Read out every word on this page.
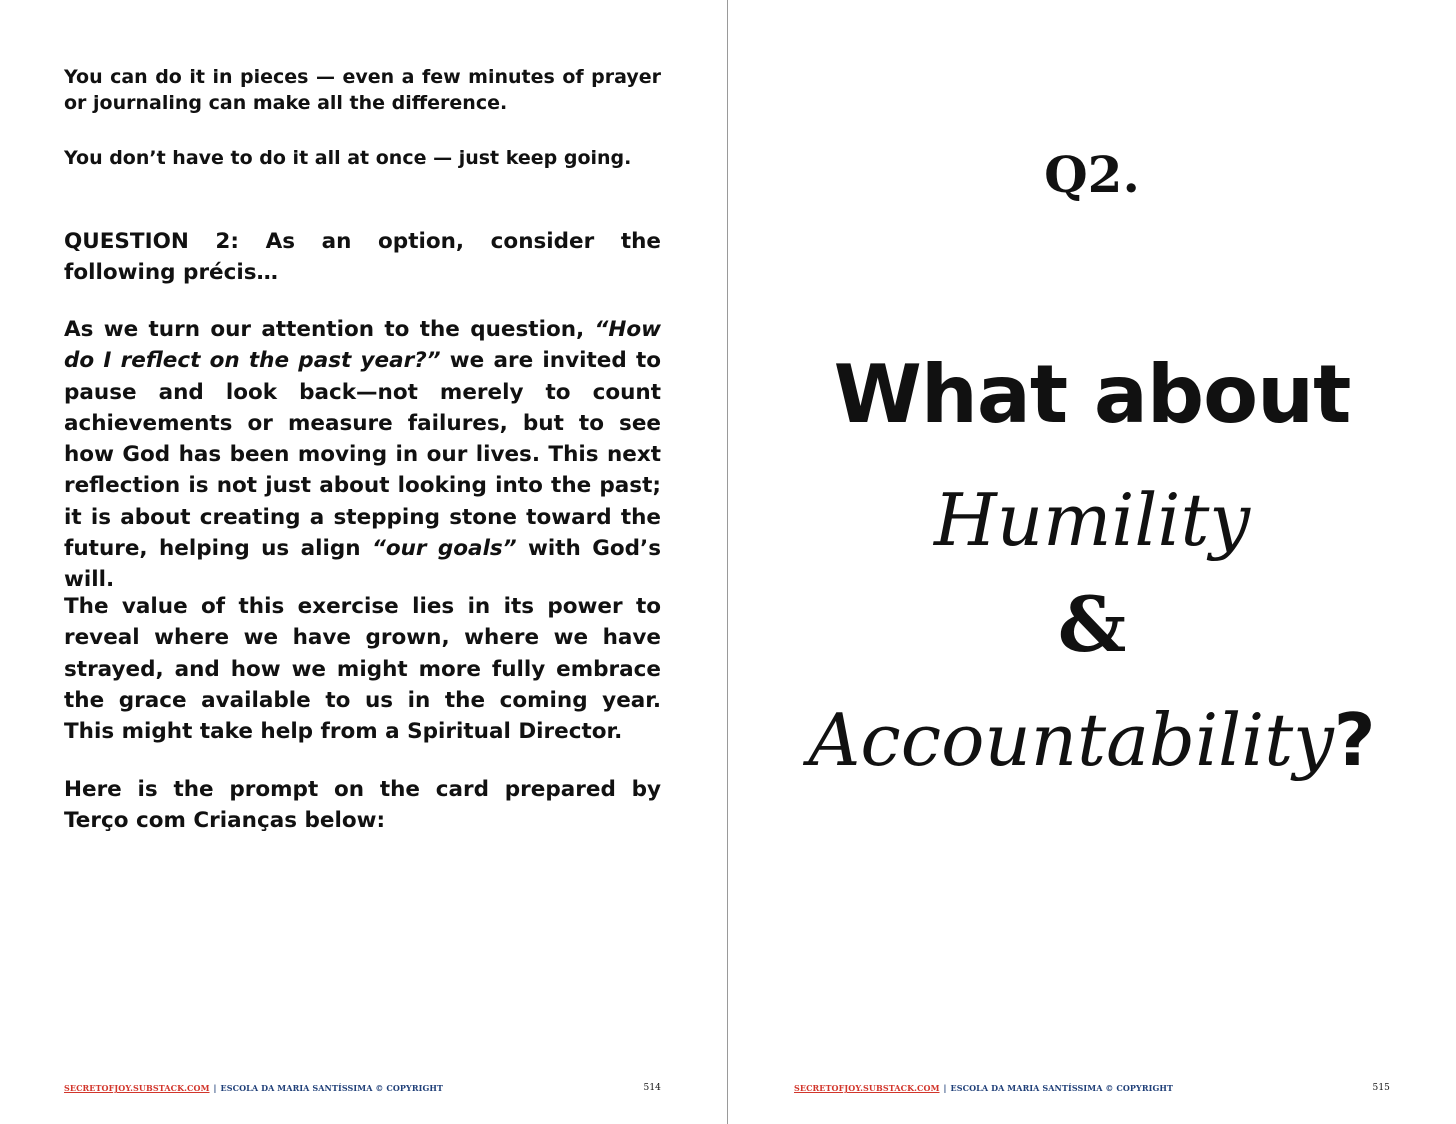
You can do it in pieces — even a few minutes of prayer or journaling can make all the difference.

You don’t have to do it all at once — just keep going.

QUESTION 2: As an option, consider the following précis…

As we turn our attention to the question, “How do I reflect on the past year?” we are invited to pause and look back—not merely to count achievements or measure failures, but to see how God has been moving in our lives. This next reflection is not just about looking into the past; it is about creating a stepping stone toward the future, helping us align “our goals” with God’s will.

The value of this exercise lies in its power to reveal where we have grown, where we have strayed, and how we might more fully embrace the grace available to us in the coming year. This might take help from a Spiritual Director.

Here is the prompt on the card prepared by Terço com Crianças below:

SECRETOFJOY.SUBSTACK.COM | ESCOLA DA MARIA SANTÍSSIMA © COPYRIGHT	514

Q2.

What about

Humility

&

Accountability?

SECRETOFJOY.SUBSTACK.COM | ESCOLA DA MARIA SANTÍSSIMA © COPYRIGHT	515
